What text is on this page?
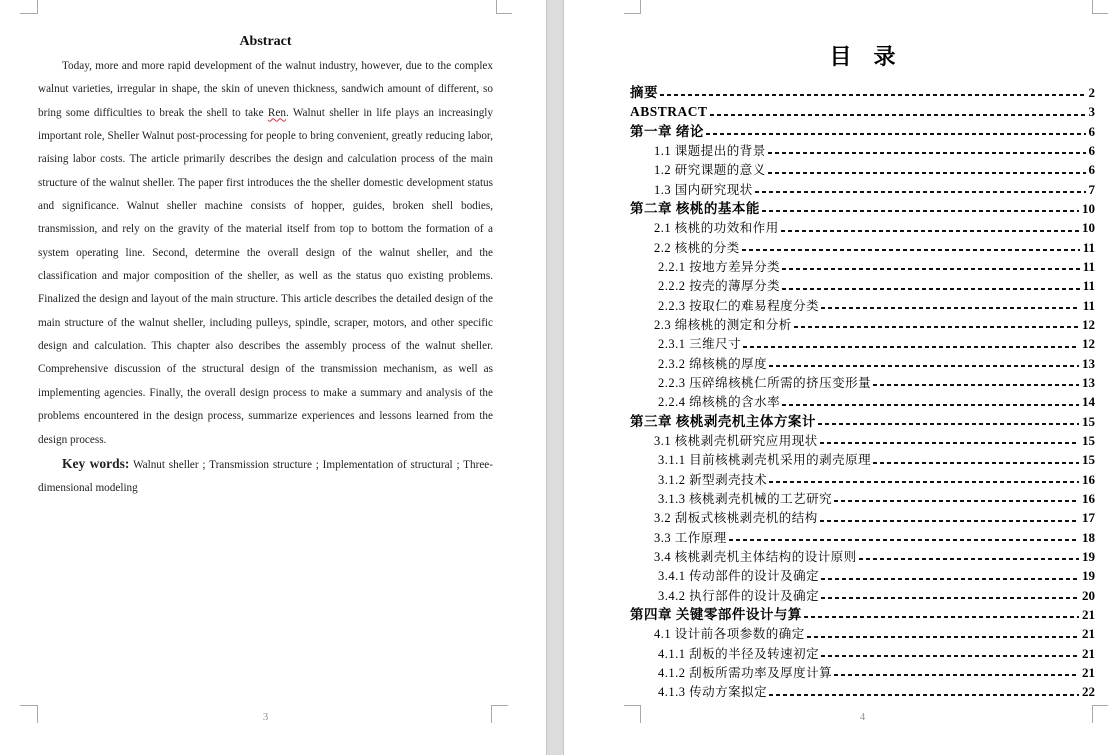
Abstract

Today, more and more rapid development of the walnut industry, however, due to the complex walnut varieties, irregular in shape, the skin of uneven thickness, sandwich amount of different, so bring some difficulties to break the shell to take Ren. Walnut sheller in life plays an increasingly important role, Sheller Walnut post-processing for people to bring convenient, greatly reducing labor, raising labor costs. The article primarily describes the design and calculation process of the main structure of the walnut sheller. The paper first introduces the the sheller domestic development status and significance. Walnut sheller machine consists of hopper, guides, broken shell bodies, transmission, and rely on the gravity of the material itself from top to bottom the formation of a system operating line. Second, determine the overall design of the walnut sheller, and the classification and major composition of the sheller, as well as the status quo existing problems. Finalized the design and layout of the main structure. This article describes the detailed design of the main structure of the walnut sheller, including pulleys, spindle, scraper, motors, and other specific design and calculation. This chapter also describes the assembly process of the walnut sheller. Comprehensive discussion of the structural design of the transmission mechanism, as well as implementing agencies. Finally, the overall design process to make a summary and analysis of the problems encountered in the design process, summarize experiences and lessons learned from the design process.

Key words: Walnut sheller ; Transmission structure ; Implementation of structural ; Three-dimensional modeling

3
目    录
摘要	2
ABSTRACT	3
第一章 绪论	6
1.1 课题提出的背景	6
1.2 研究课题的意义	6
1.3 国内研究现状	7
第二章 核桃的基本能	10
2.1 核桃的功效和作用	10
2.2 核桃的分类	11
2.2.1 按地方差异分类	11
2.2.2 按壳的薄厚分类	11
2.2.3 按取仁的难易程度分类	11
2.3 绵核桃的测定和分析	12
2.3.1 三维尺寸	12
2.3.2 绵核桃的厚度	13
2.2.3 压碎绵核桃仁所需的挤压变形量	13
2.2.4 绵核桃的含水率	14
第三章 核桃剥壳机主体方案计	15
3.1 核桃剥壳机研究应用现状	15
3.1.1 目前核桃剥壳机采用的剥壳原理	15
3.1.2 新型剥壳技术	16
3.1.3 核桃剥壳机械的工艺研究	16
3.2 刮板式核桃剥壳机的结构	17
3.3 工作原理	18
3.4 核桃剥壳机主体结构的设计原则	19
3.4.1 传动部件的设计及确定	19
3.4.2 执行部件的设计及确定	20
第四章 关键零部件设计与算	21
4.1 设计前各项参数的确定	21
4.1.1 刮板的半径及转速初定	21
4.1.2 刮板所需功率及厚度计算	21
4.1.3 传动方案拟定	22
4
